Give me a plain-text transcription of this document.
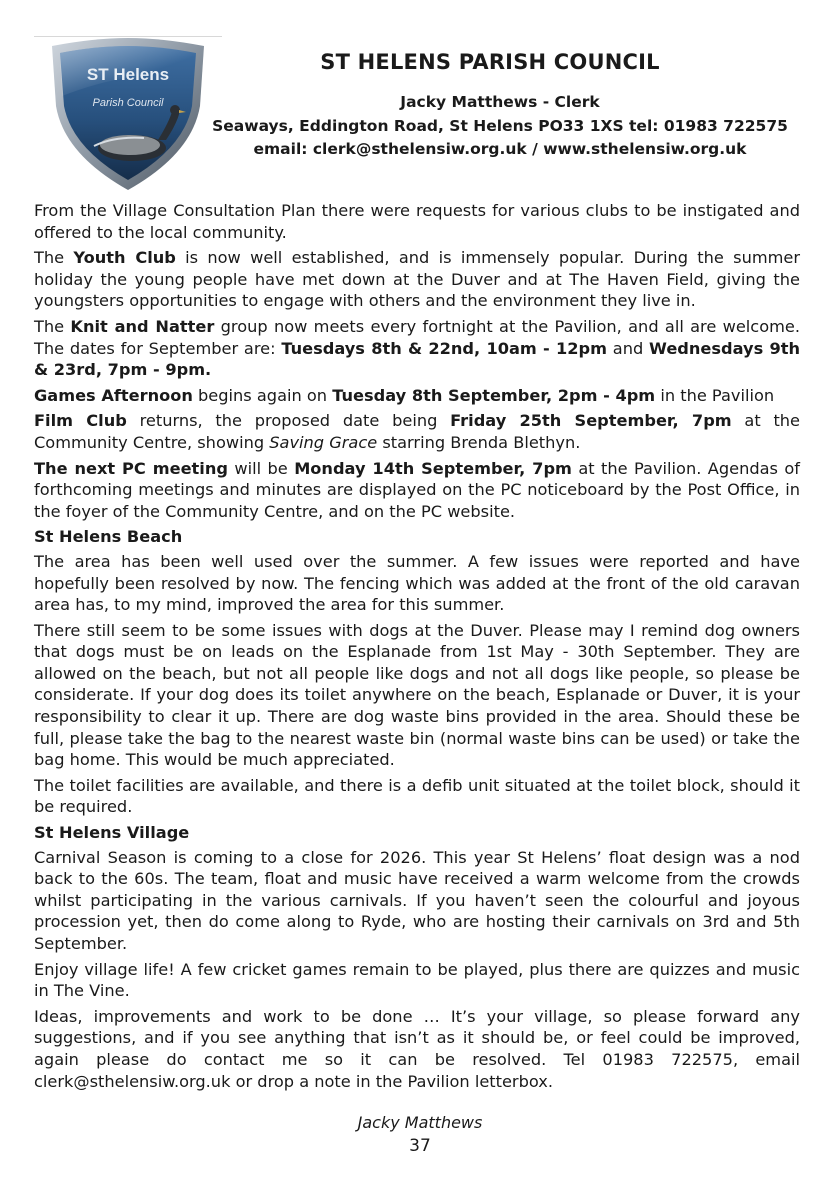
ST Helens
Parish Council
ST HELENS PARISH COUNCIL
Jacky Matthews - Clerk
Seaways, Eddington Road, St Helens PO33 1XS tel: 01983 722575
email: clerk@sthelensiw.org.uk / www.sthelensiw.org.uk

From the Village Consultation Plan there were requests for various clubs to be instigated and offered to the local community.

The Youth Club is now well established, and is immensely popular. During the summer holiday the young people have met down at the Duver and at The Haven Field, giving the youngsters opportunities to engage with others and the environment they live in.

The Knit and Natter group now meets every fortnight at the Pavilion, and all are welcome. The dates for September are: Tuesdays 8th & 22nd, 10am - 12pm and Wednesdays 9th & 23rd, 7pm - 9pm.

Games Afternoon begins again on Tuesday 8th September, 2pm - 4pm in the Pavilion

Film Club returns, the proposed date being Friday 25th September, 7pm at the Community Centre, showing Saving Grace starring Brenda Blethyn.

The next PC meeting will be Monday 14th September, 7pm at the Pavilion. Agendas of forthcoming meetings and minutes are displayed on the PC noticeboard by the Post Office, in the foyer of the Community Centre, and on the PC website.

St Helens Beach

The area has been well used over the summer. A few issues were reported and have hopefully been resolved by now. The fencing which was added at the front of the old caravan area has, to my mind, improved the area for this summer.

There still seem to be some issues with dogs at the Duver. Please may I remind dog owners that dogs must be on leads on the Esplanade from 1st May - 30th September. They are allowed on the beach, but not all people like dogs and not all dogs like people, so please be considerate. If your dog does its toilet anywhere on the beach, Esplanade or Duver, it is your responsibility to clear it up. There are dog waste bins provided in the area. Should these be full, please take the bag to the nearest waste bin (normal waste bins can be used) or take the bag home. This would be much appreciated.

The toilet facilities are available, and there is a defib unit situated at the toilet block, should it be required.

St Helens Village

Carnival Season is coming to a close for 2026. This year St Helens’ float design was a nod back to the 60s. The team, float and music have received a warm welcome from the crowds whilst participating in the various carnivals. If you haven’t seen the colourful and joyous procession yet, then do come along to Ryde, who are hosting their carnivals on 3rd and 5th September.

Enjoy village life! A few cricket games remain to be played, plus there are quizzes and music in The Vine.

Ideas, improvements and work to be done … It’s your village, so please forward any suggestions, and if you see anything that isn’t as it should be, or feel could be improved, again please do contact me so it can be resolved. Tel 01983 722575, email clerk@sthelensiw.org.uk or drop a note in the Pavilion letterbox.

Jacky Matthews
37
